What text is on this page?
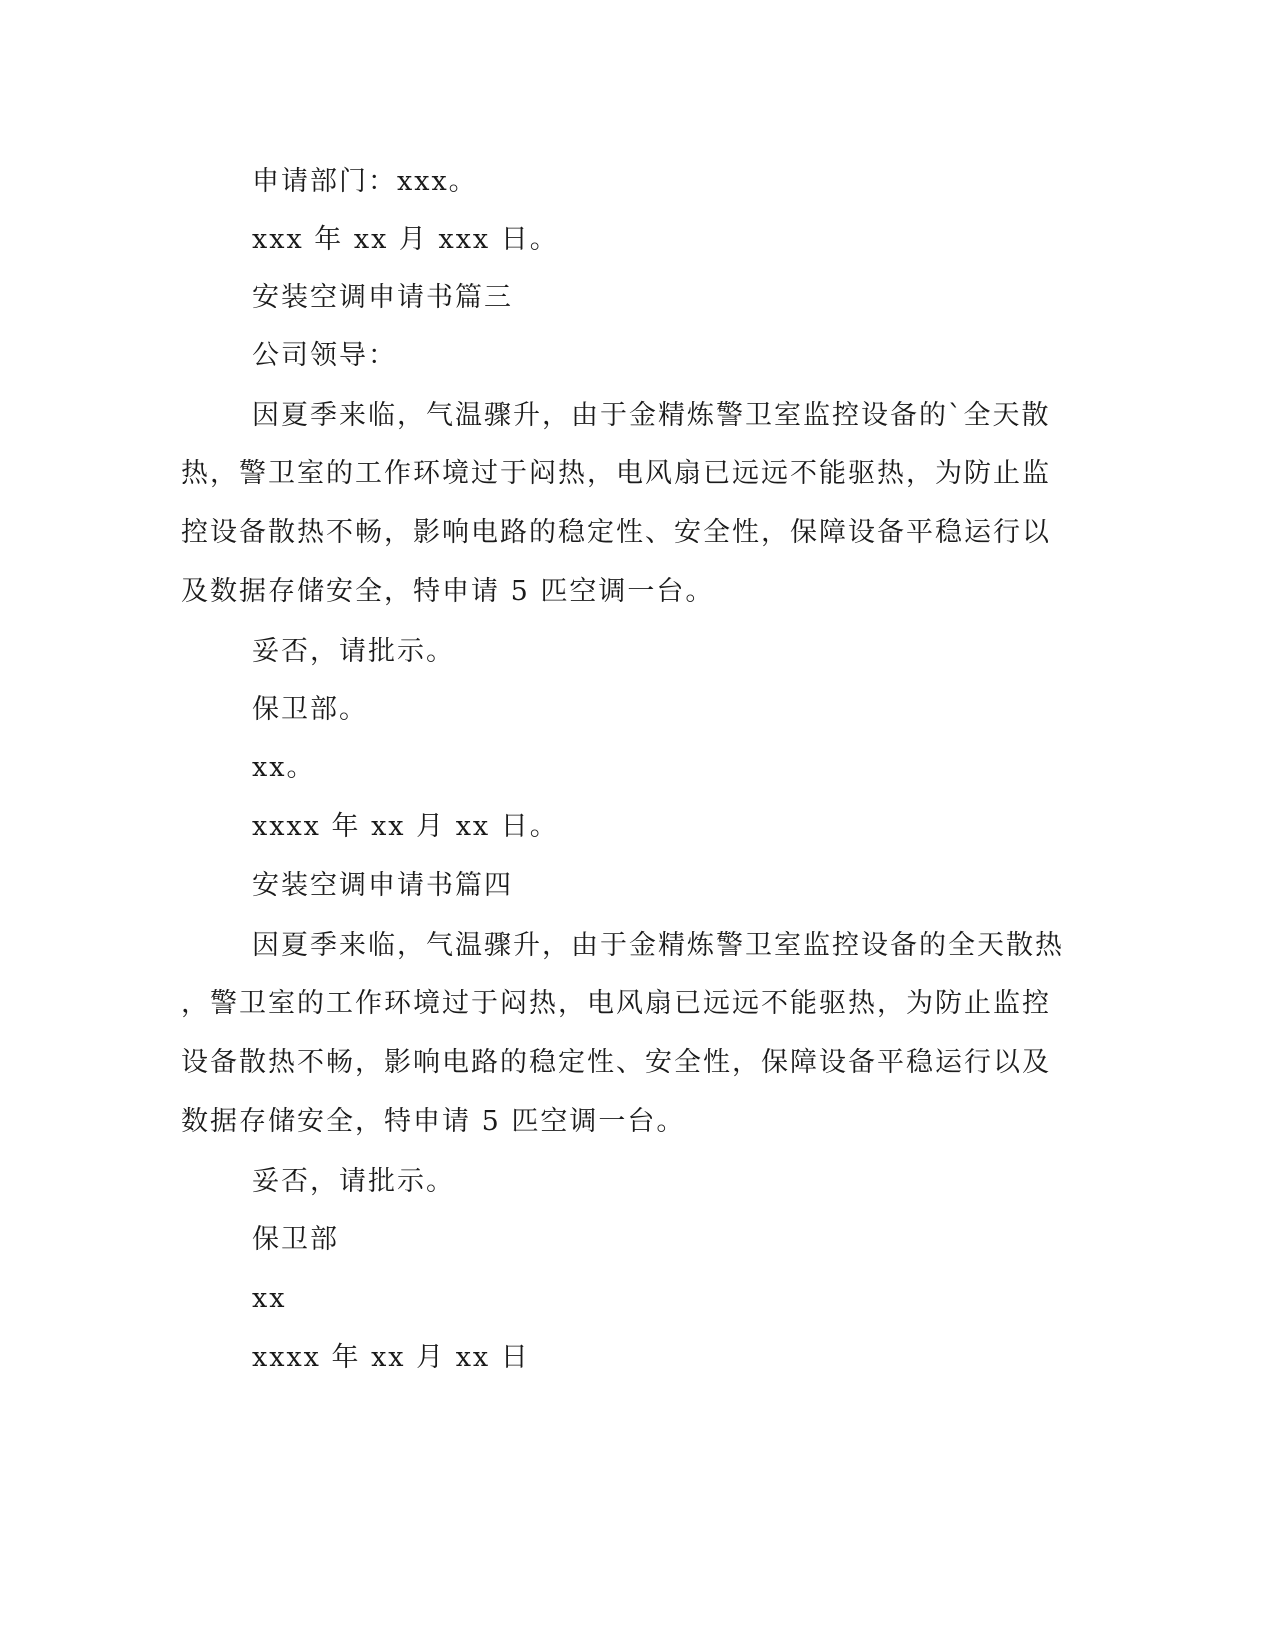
申请部门：xxx。
xxx 年 xx 月 xxx 日。
安装空调申请书篇三
公司领导：
因夏季来临，气温骤升，由于金精炼警卫室监控设备的`全天散
热，警卫室的工作环境过于闷热，电风扇已远远不能驱热，为防止监
控设备散热不畅，影响电路的稳定性、安全性，保障设备平稳运行以
及数据存储安全，特申请 5 匹空调一台。
妥否，请批示。
保卫部。
xx。
xxxx 年 xx 月 xx 日。
安装空调申请书篇四
因夏季来临，气温骤升，由于金精炼警卫室监控设备的全天散热
，警卫室的工作环境过于闷热，电风扇已远远不能驱热，为防止监控
设备散热不畅，影响电路的稳定性、安全性，保障设备平稳运行以及
数据存储安全，特申请 5 匹空调一台。
妥否，请批示。
保卫部
xx
xxxx 年 xx 月 xx 日
